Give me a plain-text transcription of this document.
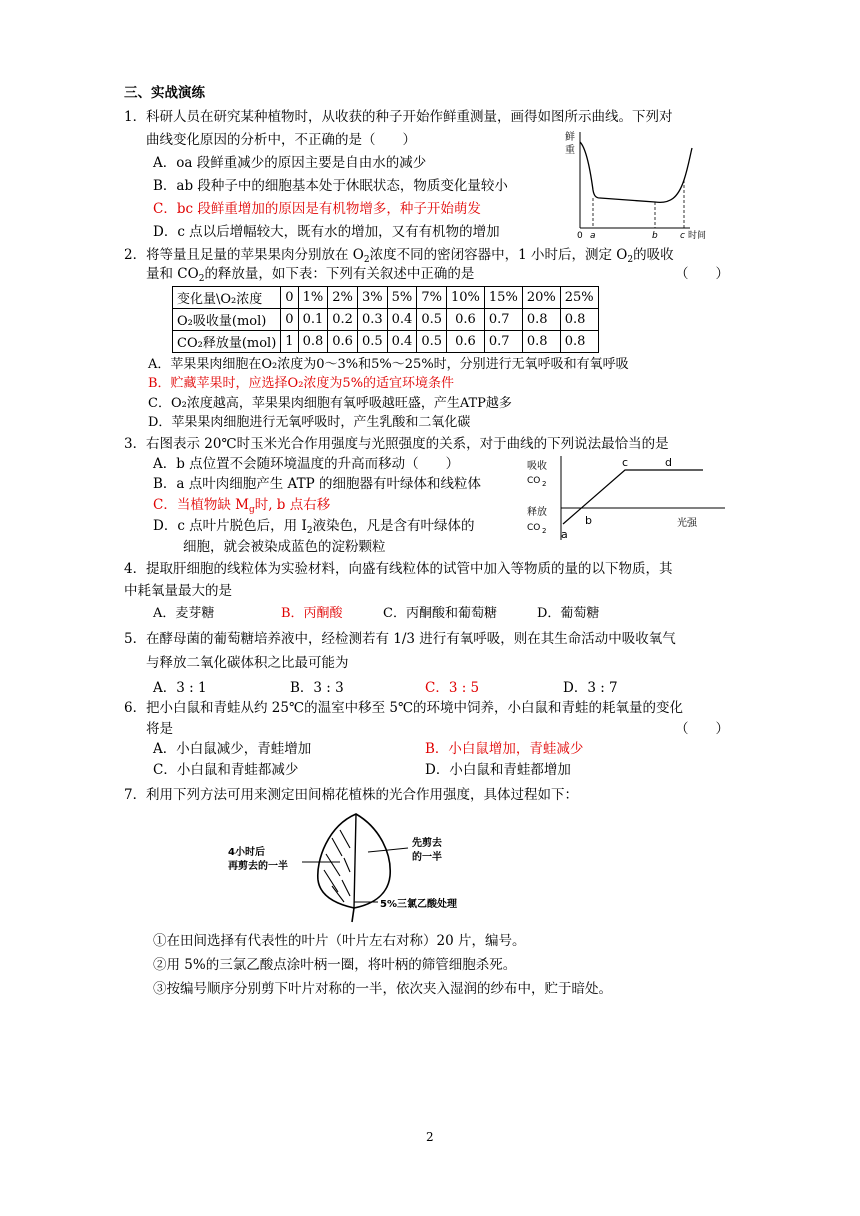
三、实战演练
1． 科研人员在研究某种植物时，从收获的种子开始作鲜重测量，画得如图所示曲线。下列对
曲线变化原因的分析中，不正确的是（　　）
A．oa 段鲜重减少的原因主要是自由水的减少
B．ab 段种子中的细胞基本处于休眠状态，物质变化量较小
C．bc 段鲜重增加的原因是有机物增多，种子开始萌发
D．c 点以后增幅较大，既有水的增加，又有有机物的增加
鲜
重
0 a	b c 时间
2． 将等量且足量的苹果果肉分别放在 $O_2$浓度不同的密闭容器中，1 小时后，测定 $O_2$的吸收
量和 $CO_2$的释放量，如下表：下列有关叙述中正确的是	（　　）
变化量\O₂浓度	0	1%	2%	3%	5%	7%	10%	15%	20%	25%
O₂吸收量(mol)	0	0.1	0.2	0.3	0.4	0.5	0.6	0.7	0.8	0.8
CO₂释放量(mol)	1	0.8	0.6	0.5	0.4	0.5	0.6	0.7	0.8	0.8
A．苹果果肉细胞在O₂浓度为0～3%和5%～25%时，分别进行无氧呼吸和有氧呼吸
B．贮藏苹果时，应选择O₂浓度为5%的适宜环境条件
C．O₂浓度越高，苹果果肉细胞有氧呼吸越旺盛，产生ATP越多
D．苹果果肉细胞进行无氧呼吸时，产生乳酸和二氧化碳
3． 右图表示 20℃时玉米光合作用强度与光照强度的关系，对于曲线的下列说法最恰当的是
A．b 点位置不会随环境温度的升高而移动（　　）
B．a 点叶肉细胞产生 ATP 的细胞器有叶绿体和线粒体
C．当植物缺 $M_g$时, b 点右移
D．c 点叶片脱色后，用 $I_2$液染色，凡是含有叶绿体的
细胞，就会被染成蓝色的淀粉颗粒
吸收
CO 2
释放
CO 2
c	d
b
a
光强
4． 提取肝细胞的线粒体为实验材料，向盛有线粒体的试管中加入等物质的量的以下物质，其
中耗氧量最大的是
A．麦芽糖	B．丙酮酸	C．丙酮酸和葡萄糖	D．葡萄糖
5． 在酵母菌的葡萄糖培养液中，经检测若有 1/3 进行有氧呼吸，则在其生命活动中吸收氧气
与释放二氧化碳体积之比最可能为
A．3 : 1	B．3 : 3	C．3 : 5	D．3 : 7
6． 把小白鼠和青蛙从约 25℃的温室中移至 5℃的环境中饲养，小白鼠和青蛙的耗氧量的变化
将是	（　　）
A．小白鼠减少，青蛙增加	B．小白鼠增加，青蛙减少
C．小白鼠和青蛙都减少	D．小白鼠和青蛙都增加
7． 利用下列方法可用来测定田间棉花植株的光合作用强度，具体过程如下：
4小时后
再剪去的一半
先剪去
的一半
5%三氯乙酸处理
①在田间选择有代表性的叶片（叶片左右对称）20 片，编号。
②用 5%的三氯乙酸点涂叶柄一圈，将叶柄的筛管细胞杀死。
③按编号顺序分别剪下叶片对称的一半，依次夹入湿润的纱布中，贮于暗处。
2
